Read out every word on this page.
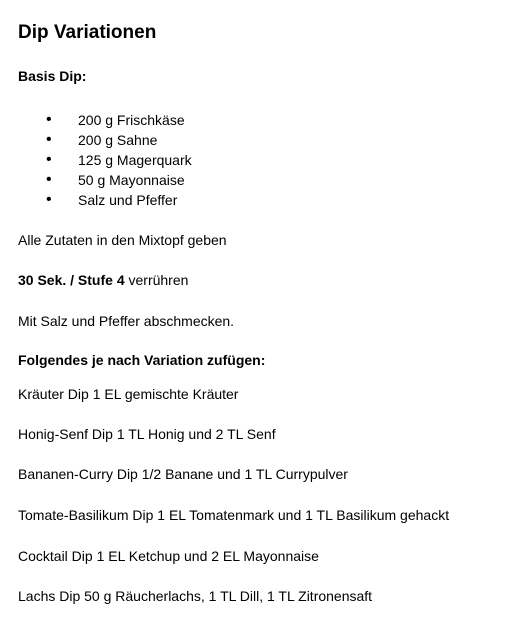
Dip Variationen
Basis Dip:
• 200 g Frischkäse
• 200 g Sahne
• 125 g Magerquark
• 50 g Mayonnaise
• Salz und Pfeffer
Alle Zutaten in den Mixtopf geben
30 Sek. / Stufe 4 verrühren
Mit Salz und Pfeffer abschmecken.
Folgendes je nach Variation zufügen:
Kräuter Dip 1 EL gemischte Kräuter
Honig-Senf Dip 1 TL Honig und 2 TL Senf
Bananen-Curry Dip 1/2 Banane und 1 TL Currypulver
Tomate-Basilikum Dip 1 EL Tomatenmark und 1 TL Basilikum gehackt
Cocktail Dip 1 EL Ketchup und 2 EL Mayonnaise
Lachs Dip 50 g Räucherlachs, 1 TL Dill, 1 TL Zitronensaft
